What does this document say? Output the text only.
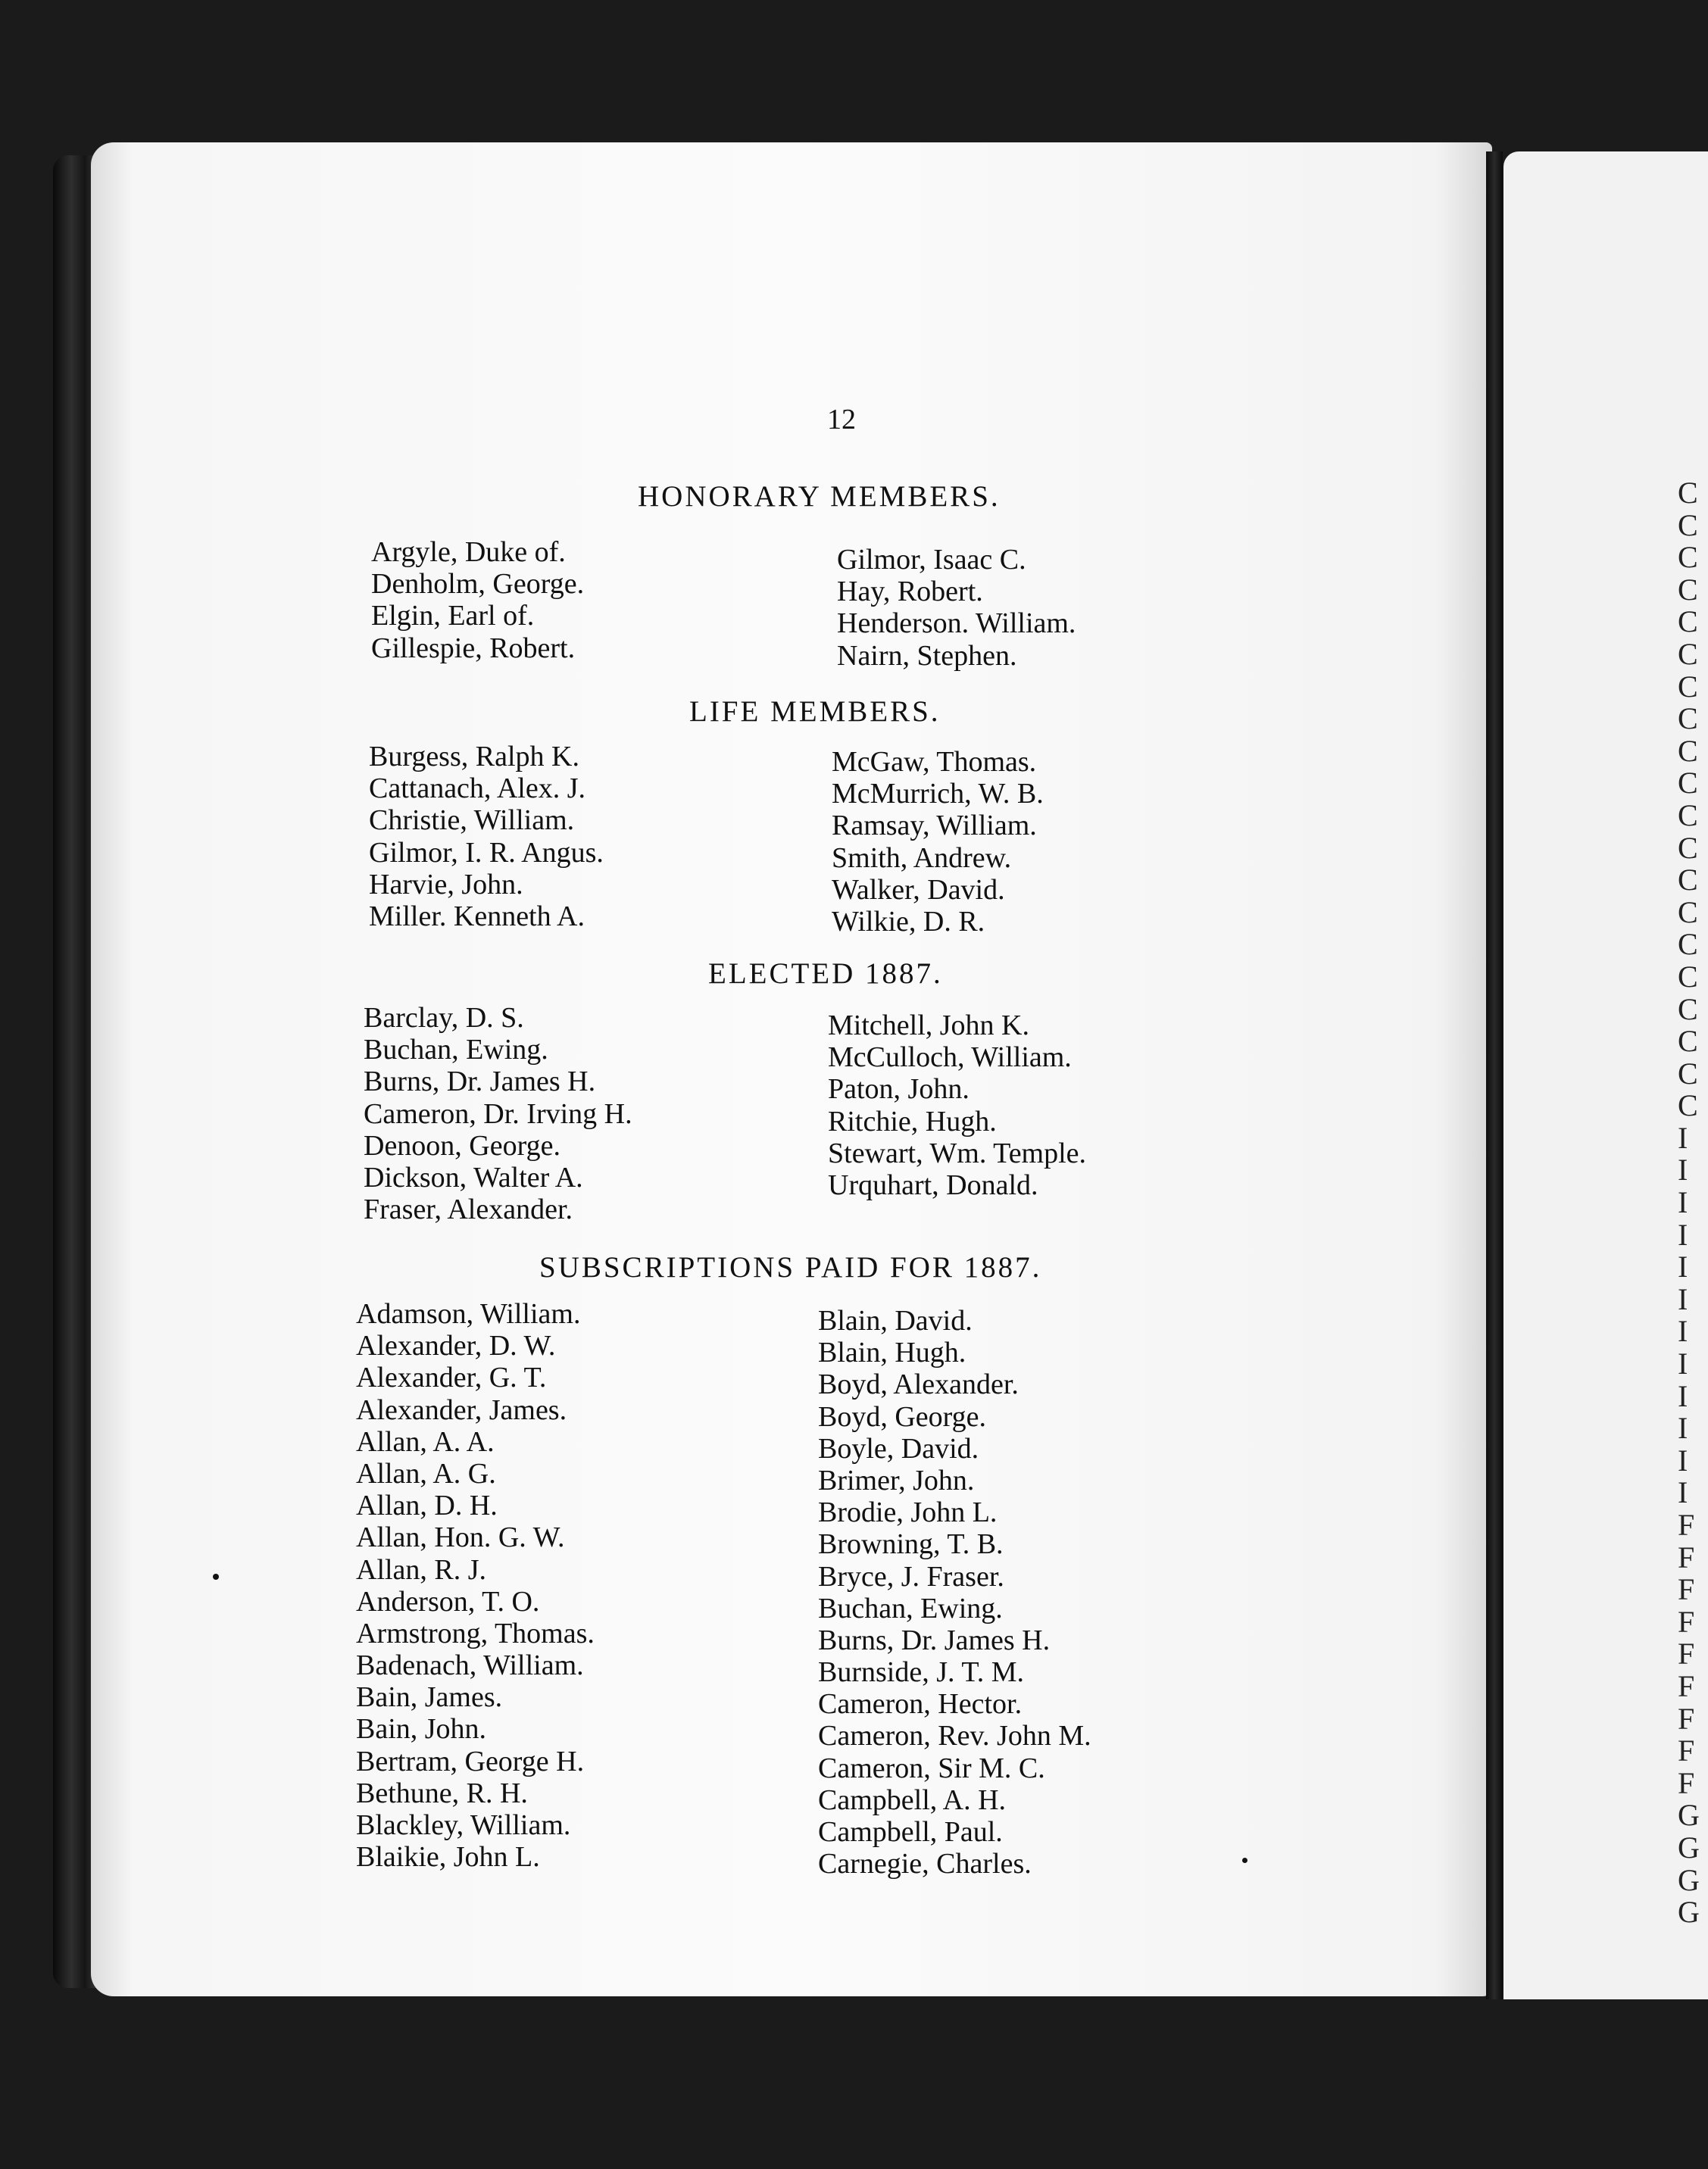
C
C
C
C
C
C
C
C
C
C
C
C
C
C
C
C
C
C
C
C
I
I
I
I
I
I
I
I
I
I
I
I
F
F
F
F
F
F
F
F
F
G
G
G
G
12
HONORARY MEMBERS.
Argyle, Duke of.
Denholm, George.
Elgin, Earl of.
Gillespie, Robert.
Gilmor, Isaac C.
Hay, Robert.
Henderson. William.
Nairn, Stephen.
LIFE MEMBERS.
Burgess, Ralph K.
Cattanach, Alex. J.
Christie, William.
Gilmor, I. R. Angus.
Harvie, John.
Miller. Kenneth A.
McGaw, Thomas.
McMurrich, W. B.
Ramsay, William.
Smith, Andrew.
Walker, David.
Wilkie, D. R.
ELECTED 1887.
Barclay, D. S.
Buchan, Ewing.
Burns, Dr. James H.
Cameron, Dr. Irving H.
Denoon, George.
Dickson, Walter A.
Fraser, Alexander.
Mitchell, John K.
McCulloch, William.
Paton, John.
Ritchie, Hugh.
Stewart, Wm. Temple.
Urquhart, Donald.
SUBSCRIPTIONS PAID FOR 1887.
Adamson, William.
Alexander, D. W.
Alexander, G. T.
Alexander, James.
Allan, A. A.
Allan, A. G.
Allan, D. H.
Allan, Hon. G. W.
Allan, R. J.
Anderson, T. O.
Armstrong, Thomas.
Badenach, William.
Bain, James.
Bain, John.
Bertram, George H.
Bethune, R. H.
Blackley, William.
Blaikie, John L.
Blain, David.
Blain, Hugh.
Boyd, Alexander.
Boyd, George.
Boyle, David.
Brimer, John.
Brodie, John L.
Browning, T. B.
Bryce, J. Fraser.
Buchan, Ewing.
Burns, Dr. James H.
Burnside, J. T. M.
Cameron, Hector.
Cameron, Rev. John M.
Cameron, Sir M. C.
Campbell, A. H.
Campbell, Paul.
Carnegie, Charles.
